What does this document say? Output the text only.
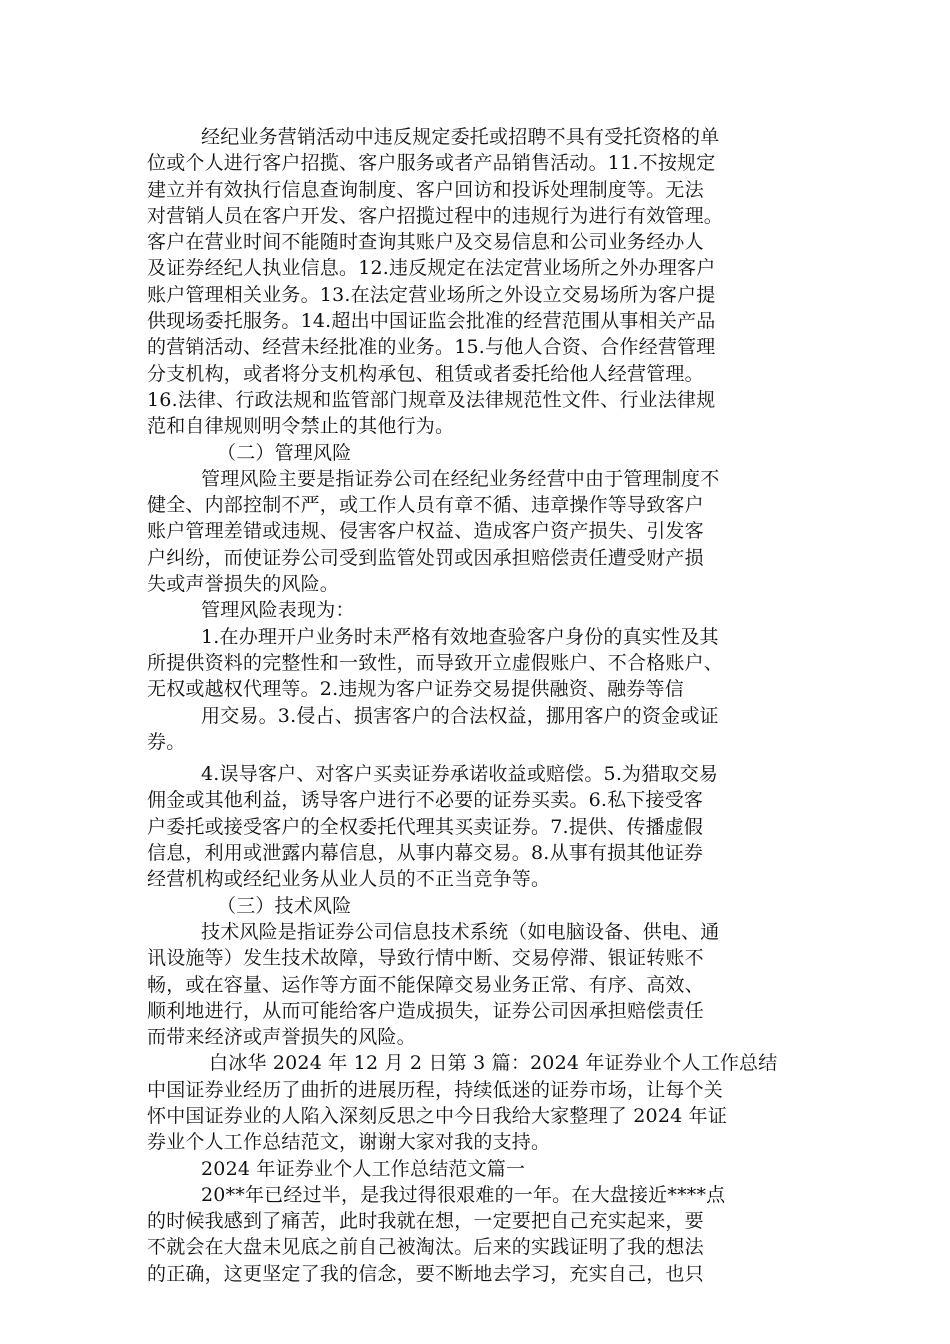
经纪业务营销活动中违反规定委托或招聘不具有受托资格的单
位或个人进行客户招揽、客户服务或者产品销售活动。11.不按规定
建立并有效执行信息查询制度、客户回访和投诉处理制度等。无法
对营销人员在客户开发、客户招揽过程中的违规行为进行有效管理。
客户在营业时间不能随时查询其账户及交易信息和公司业务经办人
及证券经纪人执业信息。12.违反规定在法定营业场所之外办理客户
账户管理相关业务。13.在法定营业场所之外设立交易场所为客户提
供现场委托服务。14.超出中国证监会批准的经营范围从事相关产品
的营销活动、经营未经批准的业务。15.与他人合资、合作经营管理
分支机构，或者将分支机构承包、租赁或者委托给他人经营管理。
16.法律、行政法规和监管部门规章及法律规范性文件、行业法律规
范和自律规则明令禁止的其他行为。
（二）管理风险
管理风险主要是指证券公司在经纪业务经营中由于管理制度不
健全、内部控制不严，或工作人员有章不循、违章操作等导致客户
账户管理差错或违规、侵害客户权益、造成客户资产损失、引发客
户纠纷，而使证券公司受到监管处罚或因承担赔偿责任遭受财产损
失或声誉损失的风险。
管理风险表现为：
1.在办理开户业务时未严格有效地查验客户身份的真实性及其
所提供资料的完整性和一致性，而导致开立虚假账户、不合格账户、
无权或越权代理等。2.违规为客户证券交易提供融资、融券等信
用交易。3.侵占、损害客户的合法权益，挪用客户的资金或证
券。
4.误导客户、对客户买卖证券承诺收益或赔偿。5.为猎取交易
佣金或其他利益，诱导客户进行不必要的证券买卖。6.私下接受客
户委托或接受客户的全权委托代理其买卖证券。7.提供、传播虚假
信息，利用或泄露内幕信息，从事内幕交易。8.从事有损其他证券
经营机构或经纪业务从业人员的不正当竞争等。
（三）技术风险
技术风险是指证券公司信息技术系统（如电脑设备、供电、通
讯设施等）发生技术故障，导致行情中断、交易停滞、银证转账不
畅，或在容量、运作等方面不能保障交易业务正常、有序、高效、
顺利地进行，从而可能给客户造成损失，证券公司因承担赔偿责任
而带来经济或声誉损失的风险。
白冰华 2024 年 12 月 2 日第 3 篇：2024 年证券业个人工作总结
中国证券业经历了曲折的进展历程，持续低迷的证券市场，让每个关
怀中国证券业的人陷入深刻反思之中今日我给大家整理了 2024 年证
券业个人工作总结范文，谢谢大家对我的支持。
2024 年证券业个人工作总结范文篇一
20**年已经过半，是我过得很艰难的一年。在大盘接近****点
的时候我感到了痛苦，此时我就在想，一定要把自己充实起来，要
不就会在大盘未见底之前自己被淘汰。后来的实践证明了我的想法
的正确，这更坚定了我的信念，要不断地去学习，充实自己，也只
